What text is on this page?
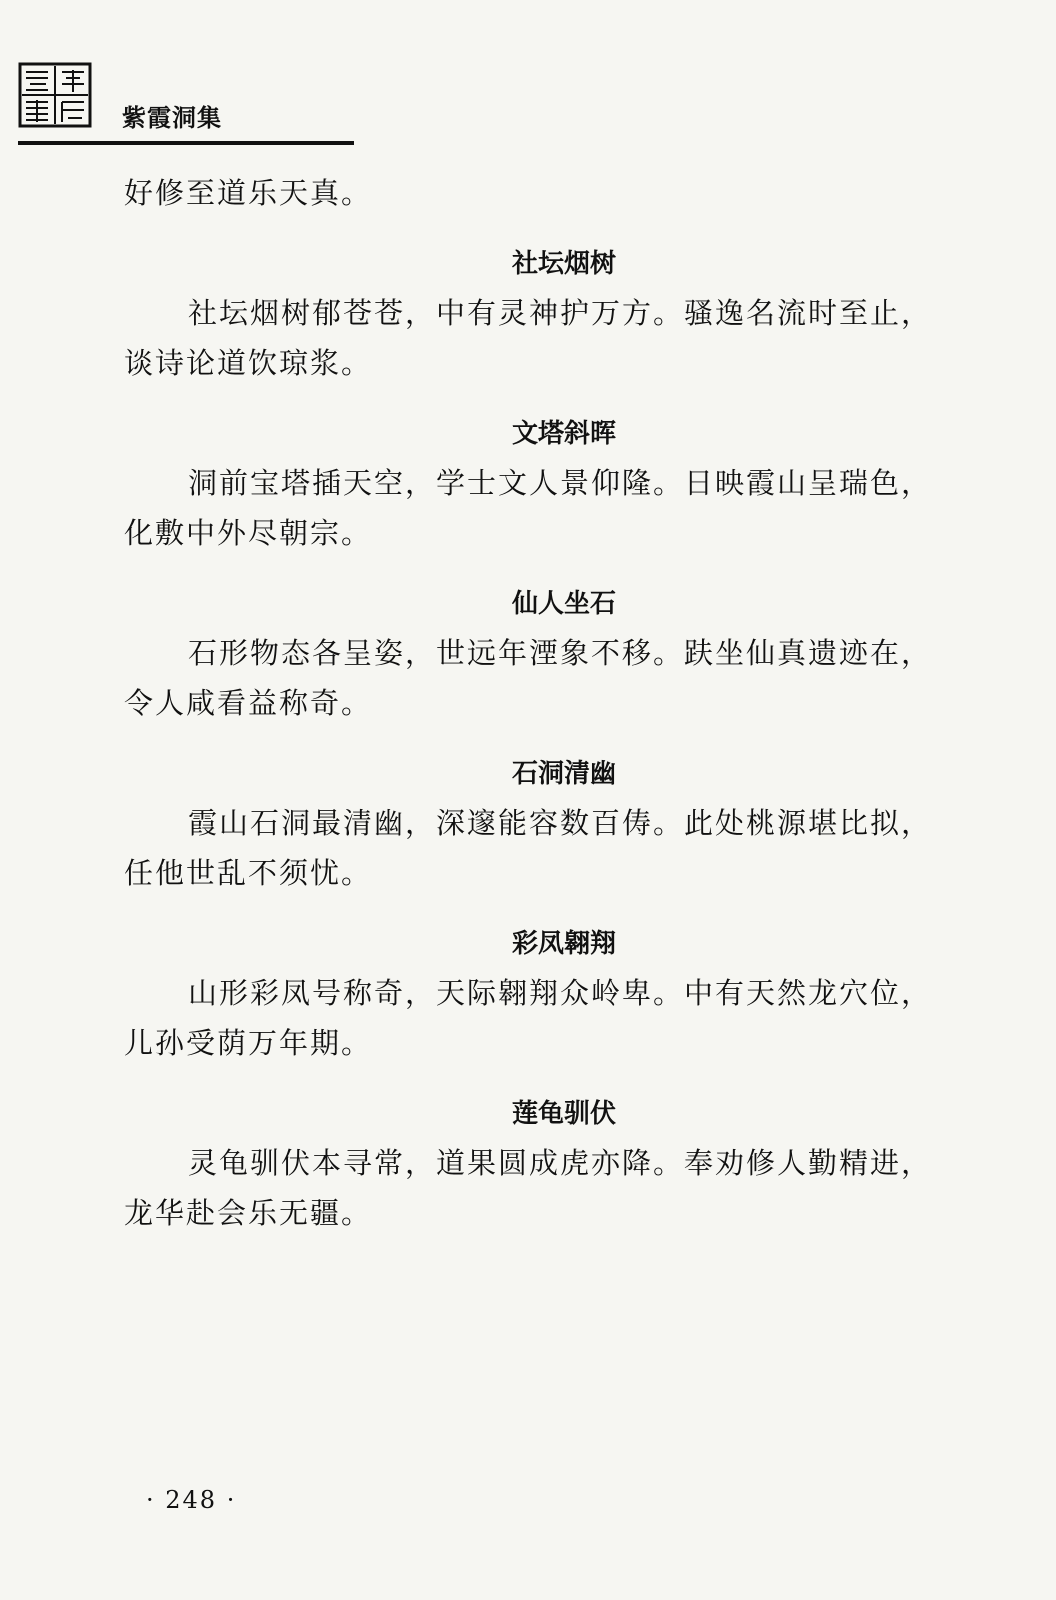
紫霞洞集
好修至道乐天真。
社坛烟树
社坛烟树郁苍苍，中有灵神护万方。骚逸名流时至止，
谈诗论道饮琼浆。
文塔斜晖
洞前宝塔插天空，学士文人景仰隆。日映霞山呈瑞色，
化敷中外尽朝宗。
仙人坐石
石形物态各呈姿，世远年湮象不移。趺坐仙真遗迹在，
令人咸看益称奇。
石洞清幽
霞山石洞最清幽，深邃能容数百俦。此处桃源堪比拟，
任他世乱不须忧。
彩凤翱翔
山形彩凤号称奇，天际翱翔众岭卑。中有天然龙穴位，
儿孙受荫万年期。
莲龟驯伏
灵龟驯伏本寻常，道果圆成虎亦降。奉劝修人勤精进，
龙华赴会乐无疆。
· 248 ·
